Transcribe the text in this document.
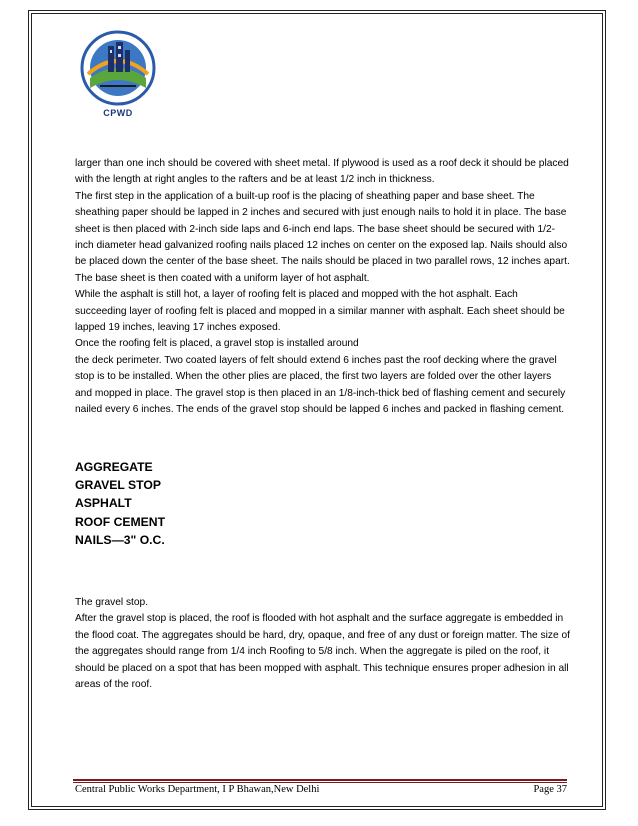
CPWD

larger than one inch should be covered with sheet metal. If plywood is used as a roof deck it should be placed with the length at right angles to the rafters and be at least 1/2 inch in thickness.

The first step in the application of a built-up roof is the placing of sheathing paper and base sheet. The sheathing paper should be lapped in 2 inches and secured with just enough nails to hold it in place. The base sheet is then placed with 2-inch side laps and 6-inch end laps. The base sheet should be secured with 1/2-inch diameter head galvanized roofing nails placed 12 inches on center on the exposed lap. Nails should also be placed down the center of the base sheet. The nails should be placed in two parallel rows, 12 inches apart.

The base sheet is then coated with a uniform layer of hot asphalt.

While the asphalt is still hot, a layer of roofing felt is placed and mopped with the hot asphalt. Each succeeding layer of roofing felt is placed and mopped in a similar manner with asphalt. Each sheet should be lapped 19 inches, leaving 17 inches exposed.

Once the roofing felt is placed, a gravel stop is installed around

the deck perimeter. Two coated layers of felt should extend 6 inches past the roof decking where the gravel stop is to be installed. When the other plies are placed, the first two layers are folded over the other layers and mopped in place. The gravel stop is then placed in an 1/8-inch-thick bed of flashing cement and securely nailed every 6 inches. The ends of the gravel stop should be lapped 6 inches and packed in flashing cement.

AGGREGATE
GRAVEL STOP
ASPHALT
ROOF CEMENT
NAILS—3" O.C.

The gravel stop.

After the gravel stop is placed, the roof is flooded with hot asphalt and the surface aggregate is embedded in the flood coat. The aggregates should be hard, dry, opaque, and free of any dust or foreign matter. The size of the aggregates should range from 1/4 inch Roofing to 5/8 inch. When the aggregate is piled on the roof, it should be placed on a spot that has been mopped with asphalt. This technique ensures proper adhesion in all areas of the roof.

Central Public Works Department, I P Bhawan,New Delhi	Page 37
